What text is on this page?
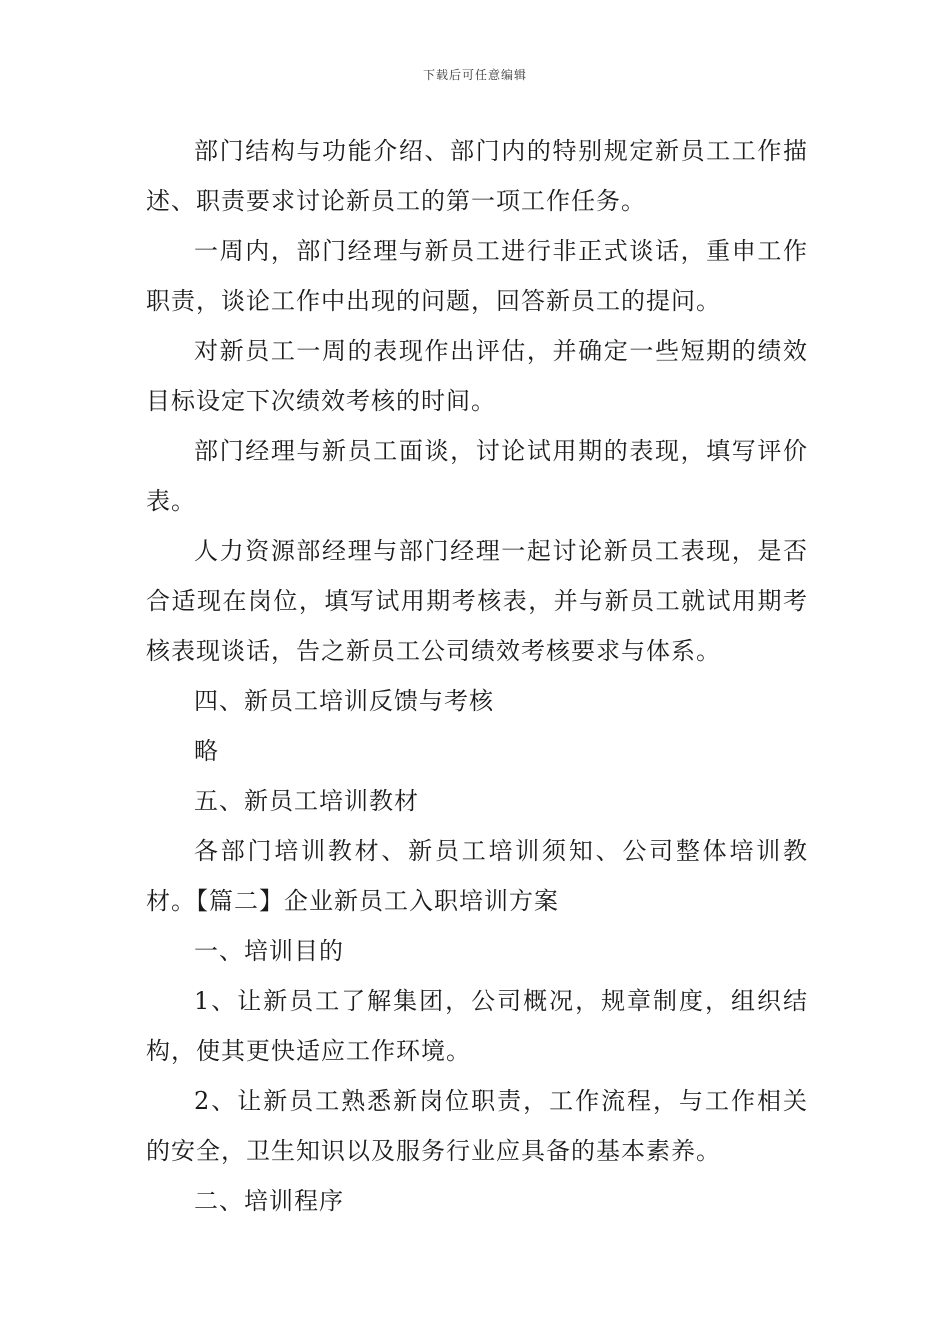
下载后可任意编辑

部门结构与功能介绍、部门内的特别规定新员工工作描述、职责要求讨论新员工的第一项工作任务。

一周内，部门经理与新员工进行非正式谈话，重申工作职责，谈论工作中出现的问题，回答新员工的提问。

对新员工一周的表现作出评估，并确定一些短期的绩效目标设定下次绩效考核的时间。

部门经理与新员工面谈，讨论试用期的表现，填写评价表。

人力资源部经理与部门经理一起讨论新员工表现，是否合适现在岗位，填写试用期考核表，并与新员工就试用期考核表现谈话，告之新员工公司绩效考核要求与体系。

四、新员工培训反馈与考核

略

五、新员工培训教材

各部门培训教材、新员工培训须知、公司整体培训教材。【篇二】企业新员工入职培训方案

一、培训目的

1、让新员工了解集团，公司概况，规章制度，组织结构，使其更快适应工作环境。

2、让新员工熟悉新岗位职责，工作流程，与工作相关的安全，卫生知识以及服务行业应具备的基本素养。

二、培训程序
